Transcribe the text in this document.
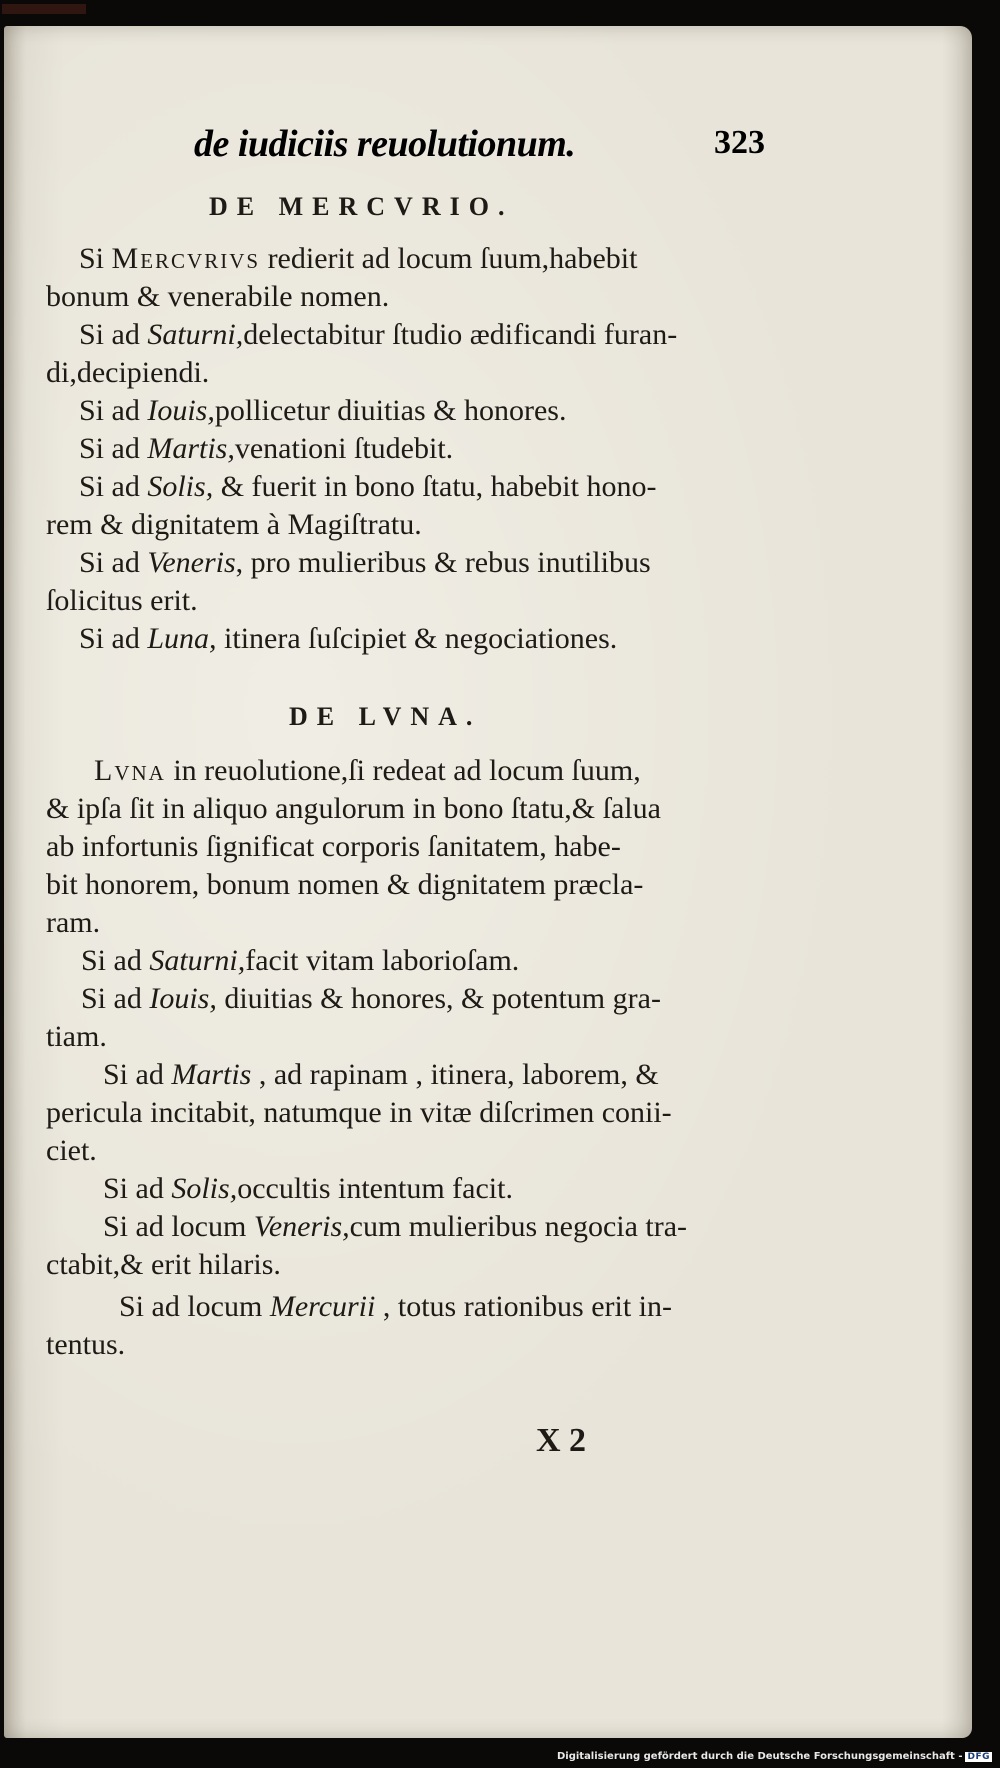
de iudiciis reuolutionum.	323
DE MERCVRIO.
Si Mercvrivs redierit ad locum ſuum,habebit
bonum & venerabile nomen.
Si ad Saturni,delectabitur ſtudio ædificandi furan-
di,decipiendi.
Si ad Iouis,pollicetur diuitias & honores.
Si ad Martis,venationi ſtudebit.
Si ad Solis, & fuerit in bono ſtatu, habebit hono-
rem & dignitatem à Magiſtratu.
Si ad Veneris, pro mulieribus & rebus inutilibus
ſolicitus erit.
Si ad Luna, itinera ſuſcipiet & negociationes.
DE LVNA.
Lvna in reuolutione,ſi redeat ad locum ſuum,
& ipſa ſit in aliquo angulorum in bono ſtatu,& ſalua
ab infortunis ſignificat corporis ſanitatem, habe-
bit honorem, bonum nomen & dignitatem præcla-
ram.
Si ad Saturni,facit vitam laborioſam.
Si ad Iouis, diuitias & honores, & potentum gra-
tiam.
Si ad Martis , ad rapinam , itinera, laborem, &
pericula incitabit, natumque in vitæ diſcrimen conii-
ciet.
Si ad Solis,occultis intentum facit.
Si ad locum Veneris,cum mulieribus negocia tra-
ctabit,& erit hilaris.
Si ad locum Mercurii , totus rationibus erit in-
tentus.
X 2
Digitalisierung gefördert durch die Deutsche Forschungsgemeinschaft - DFG
